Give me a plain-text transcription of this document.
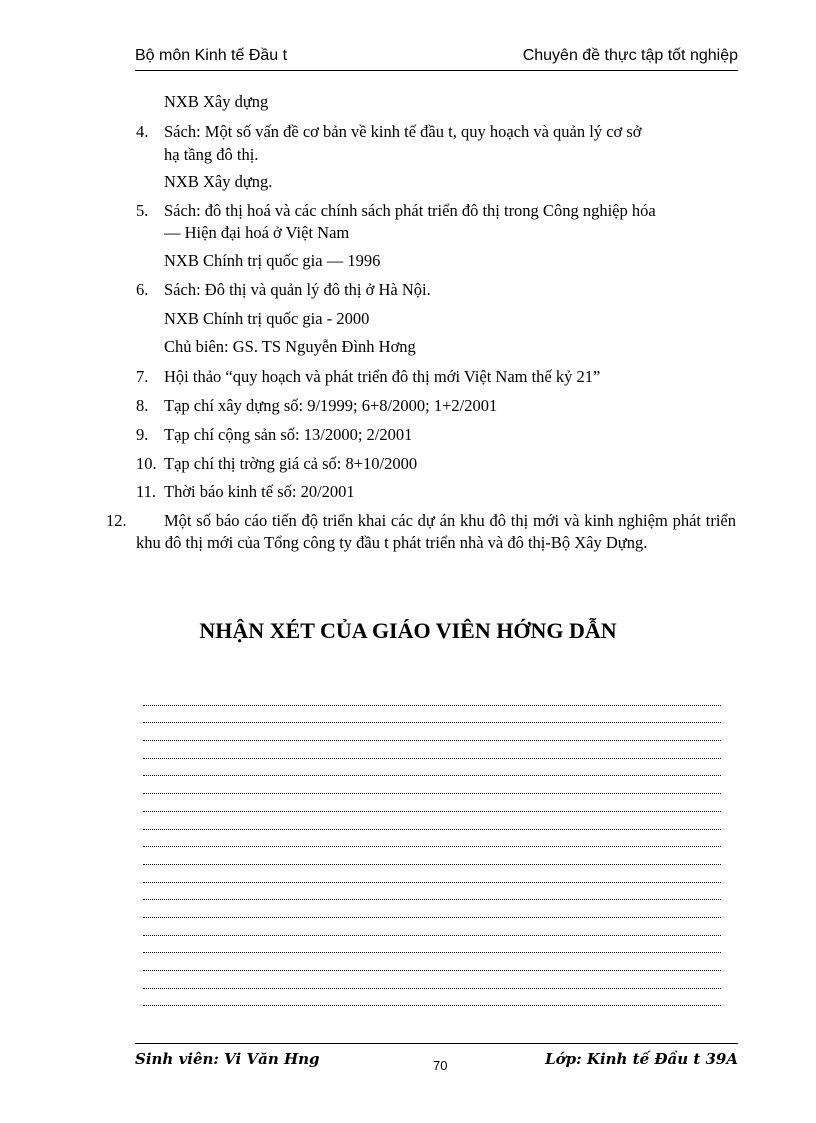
Bộ môn Kinh tế Đầu t	Chuyên đề thực tập tốt nghiệp
NXB Xây dựng
4. Sách: Một số vấn đề cơ bản về kinh tế đầu t, quy hoạch và quản lý cơ sở
hạ tầng đô thị.
NXB Xây dựng.
5. Sách: đô thị hoá và các chính sách phát triển đô thị trong Công nghiệp hóa
— Hiện đại hoá ở Việt Nam
NXB Chính trị quốc gia — 1996
6. Sách: Đô thị và quản lý đô thị ở Hà Nội.
NXB Chính trị quốc gia - 2000
Chủ biên: GS. TS Nguyễn Đình Hơng
7. Hội thảo “quy hoạch và phát triển đô thị mới Việt Nam thế kỷ 21”
8. Tạp chí xây dựng số: 9/1999; 6+8/2000; 1+2/2001
9. Tạp chí cộng sản số: 13/2000; 2/2001
10. Tạp chí thị trờng giá cả số: 8+10/2000
11. Thời báo kinh tế số: 20/2001
12.	Một số báo cáo tiến độ triển khai các dự án khu đô thị mới và kinh nghiệm phát triển khu đô thị mới của Tổng công ty đầu t phát triển nhà và đô thị-Bộ Xây Dựng.
NHẬN XÉT CỦA GIÁO VIÊN HỚNG DẪN
Sinh viên: Vi Văn Hng	70	Lớp: Kinh tế Đầu t 39A
